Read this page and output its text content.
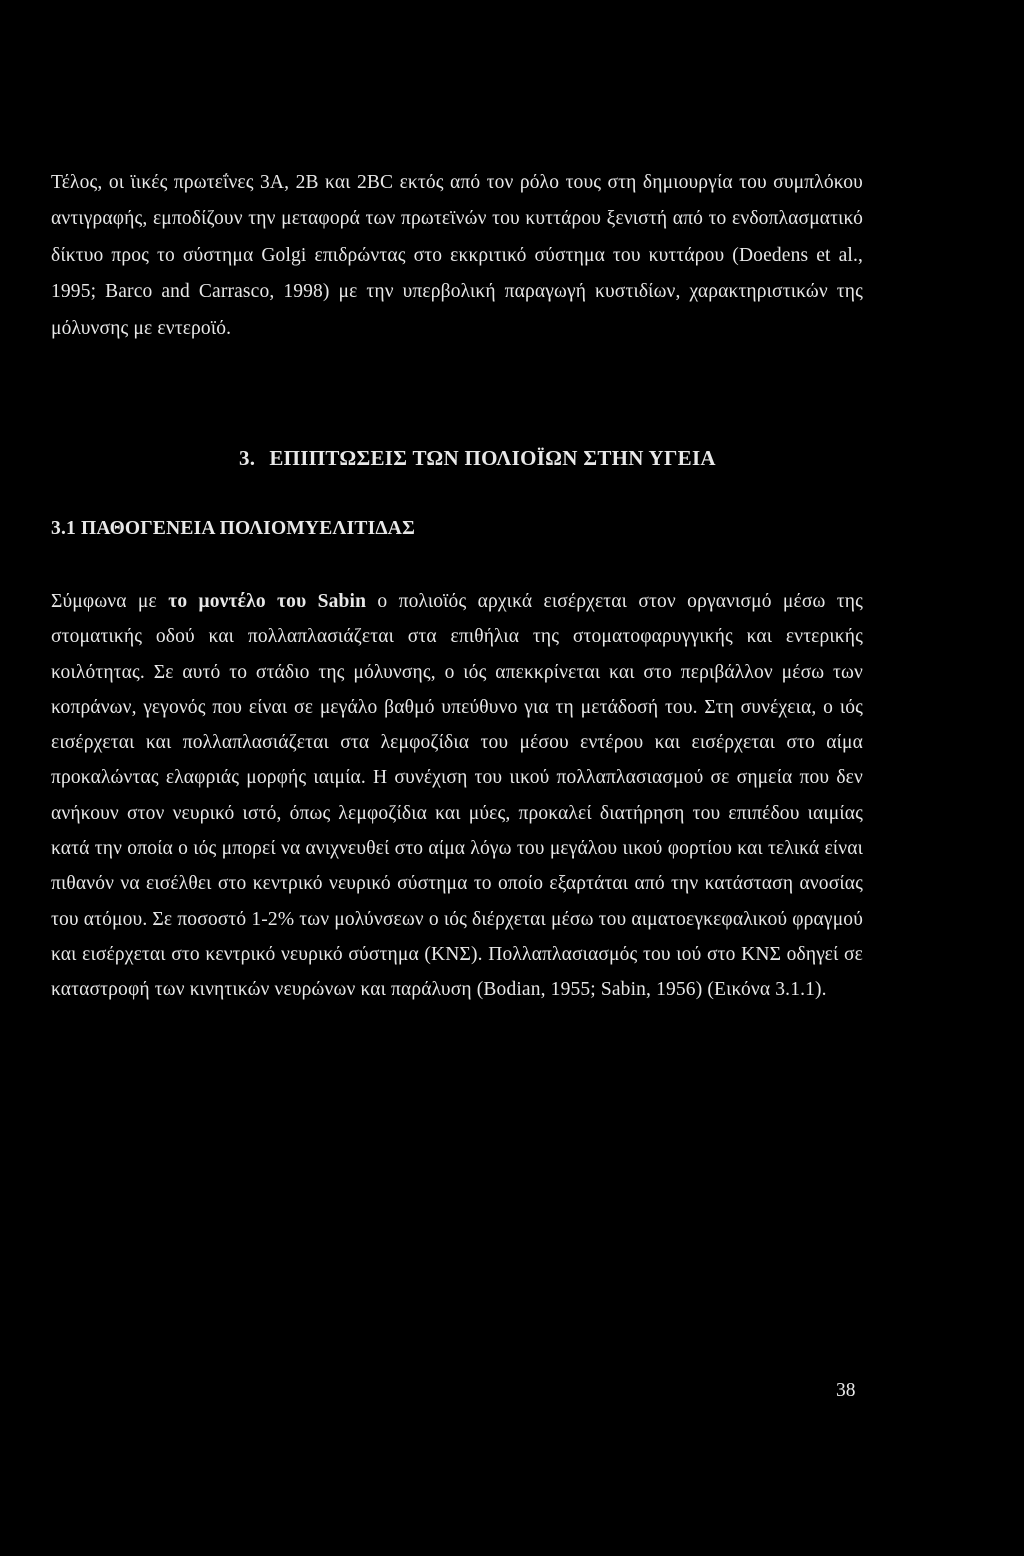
Τέλος, οι ϊικές πρωτεΐνες 3Α, 2Β και 2ΒC εκτός από τον ρόλο τους στη δημιουργία του συμπλόκου αντιγραφής, εμποδίζουν την μεταφορά των πρωτεϊνών του κυττάρου ξενιστή από το ενδοπλασματικό δίκτυο προς το σύστημα Golgi επιδρώντας στο εκκριτικό σύστημα του κυττάρου (Doedens et al., 1995; Barco and Carrasco, 1998) με την υπερβολική παραγωγή κυστιδίων, χαρακτηριστικών της μόλυνσης με εντεροϊό.

3. ΕΠΙΠΤΩΣΕΙΣ ΤΩΝ ΠΟΛΙΟΪΩΝ ΣΤΗΝ ΥΓΕΙΑ
3.1 ΠΑΘΟΓΕΝΕΙΑ ΠΟΛΙΟΜΥΕΛΙΤΙΔΑΣ

Σύμφωνα με το μοντέλο του Sabin ο πολιοϊός αρχικά εισέρχεται στον οργανισμό μέσω της στοματικής οδού και πολλαπλασιάζεται στα επιθήλια της στοματοφαρυγγικής και εντερικής κοιλότητας. Σε αυτό το στάδιο της μόλυνσης, ο ιός απεκκρίνεται και στο περιβάλλον μέσω των κοπράνων, γεγονός που είναι σε μεγάλο βαθμό υπεύθυνο για τη μετάδοσή του. Στη συνέχεια, ο ιός εισέρχεται και πολλαπλασιάζεται στα λεμφοζίδια του μέσου εντέρου και εισέρχεται στο αίμα προκαλώντας ελαφριάς μορφής ιαιμία. Η συνέχιση του ιικού πολλαπλασιασμού σε σημεία που δεν ανήκουν στον νευρικό ιστό, όπως λεμφοζίδια και μύες, προκαλεί διατήρηση του επιπέδου ιαιμίας κατά την οποία ο ιός μπορεί να ανιχνευθεί στο αίμα λόγω του μεγάλου ιικού φορτίου και τελικά είναι πιθανόν να εισέλθει στο κεντρικό νευρικό σύστημα το οποίο εξαρτάται από την κατάσταση ανοσίας του ατόμου. Σε ποσοστό 1-2% των μολύνσεων ο ιός διέρχεται μέσω του αιματοεγκεφαλικού φραγμού και εισέρχεται στο κεντρικό νευρικό σύστημα (ΚΝΣ). Πολλαπλασιασμός του ιού στο ΚΝΣ οδηγεί σε καταστροφή των κινητικών νευρώνων και παράλυση (Bodian, 1955; Sabin, 1956) (Εικόνα 3.1.1).

38
